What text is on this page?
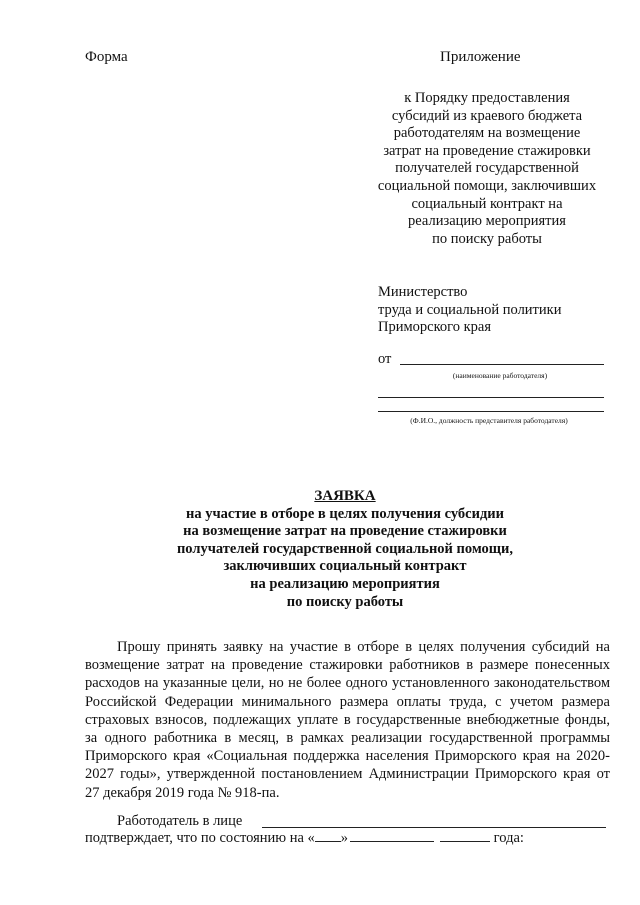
Форма	Приложение
к Порядку предоставления
субсидий из краевого бюджета
работодателям на возмещение
затрат на проведение стажировки
получателей государственной
социальной помощи, заключивших
социальный контракт на
реализацию мероприятия
по поиску работы
Министерство
труда и социальной политики
Приморского края
от
(наименование работодателя)
(Ф.И.О., должность представителя работодателя)
ЗАЯВКА
на участие в отборе в целях получения субсидии
на возмещение затрат на проведение стажировки
получателей государственной социальной помощи,
заключивших социальный контракт
на реализацию мероприятия
по поиску работы
Прошу принять заявку на участие в отборе в целях получения субсидий на возмещение затрат на проведение стажировки работников в размере понесенных расходов на указанные цели, но не более одного установленного законодательством Российской Федерации минимального размера оплаты труда, с учетом размера страховых взносов, подлежащих уплате в государственные внебюджетные фонды, за одного работника в месяц, в рамках реализации государственной программы Приморского края «Социальная поддержка населения Приморского края на 2020-2027 годы», утвержденной постановлением Администрации Приморского края от 27 декабря 2019 года № 918-па.
Работодатель в лице
подтверждает, что по состоянию на « »	года:
